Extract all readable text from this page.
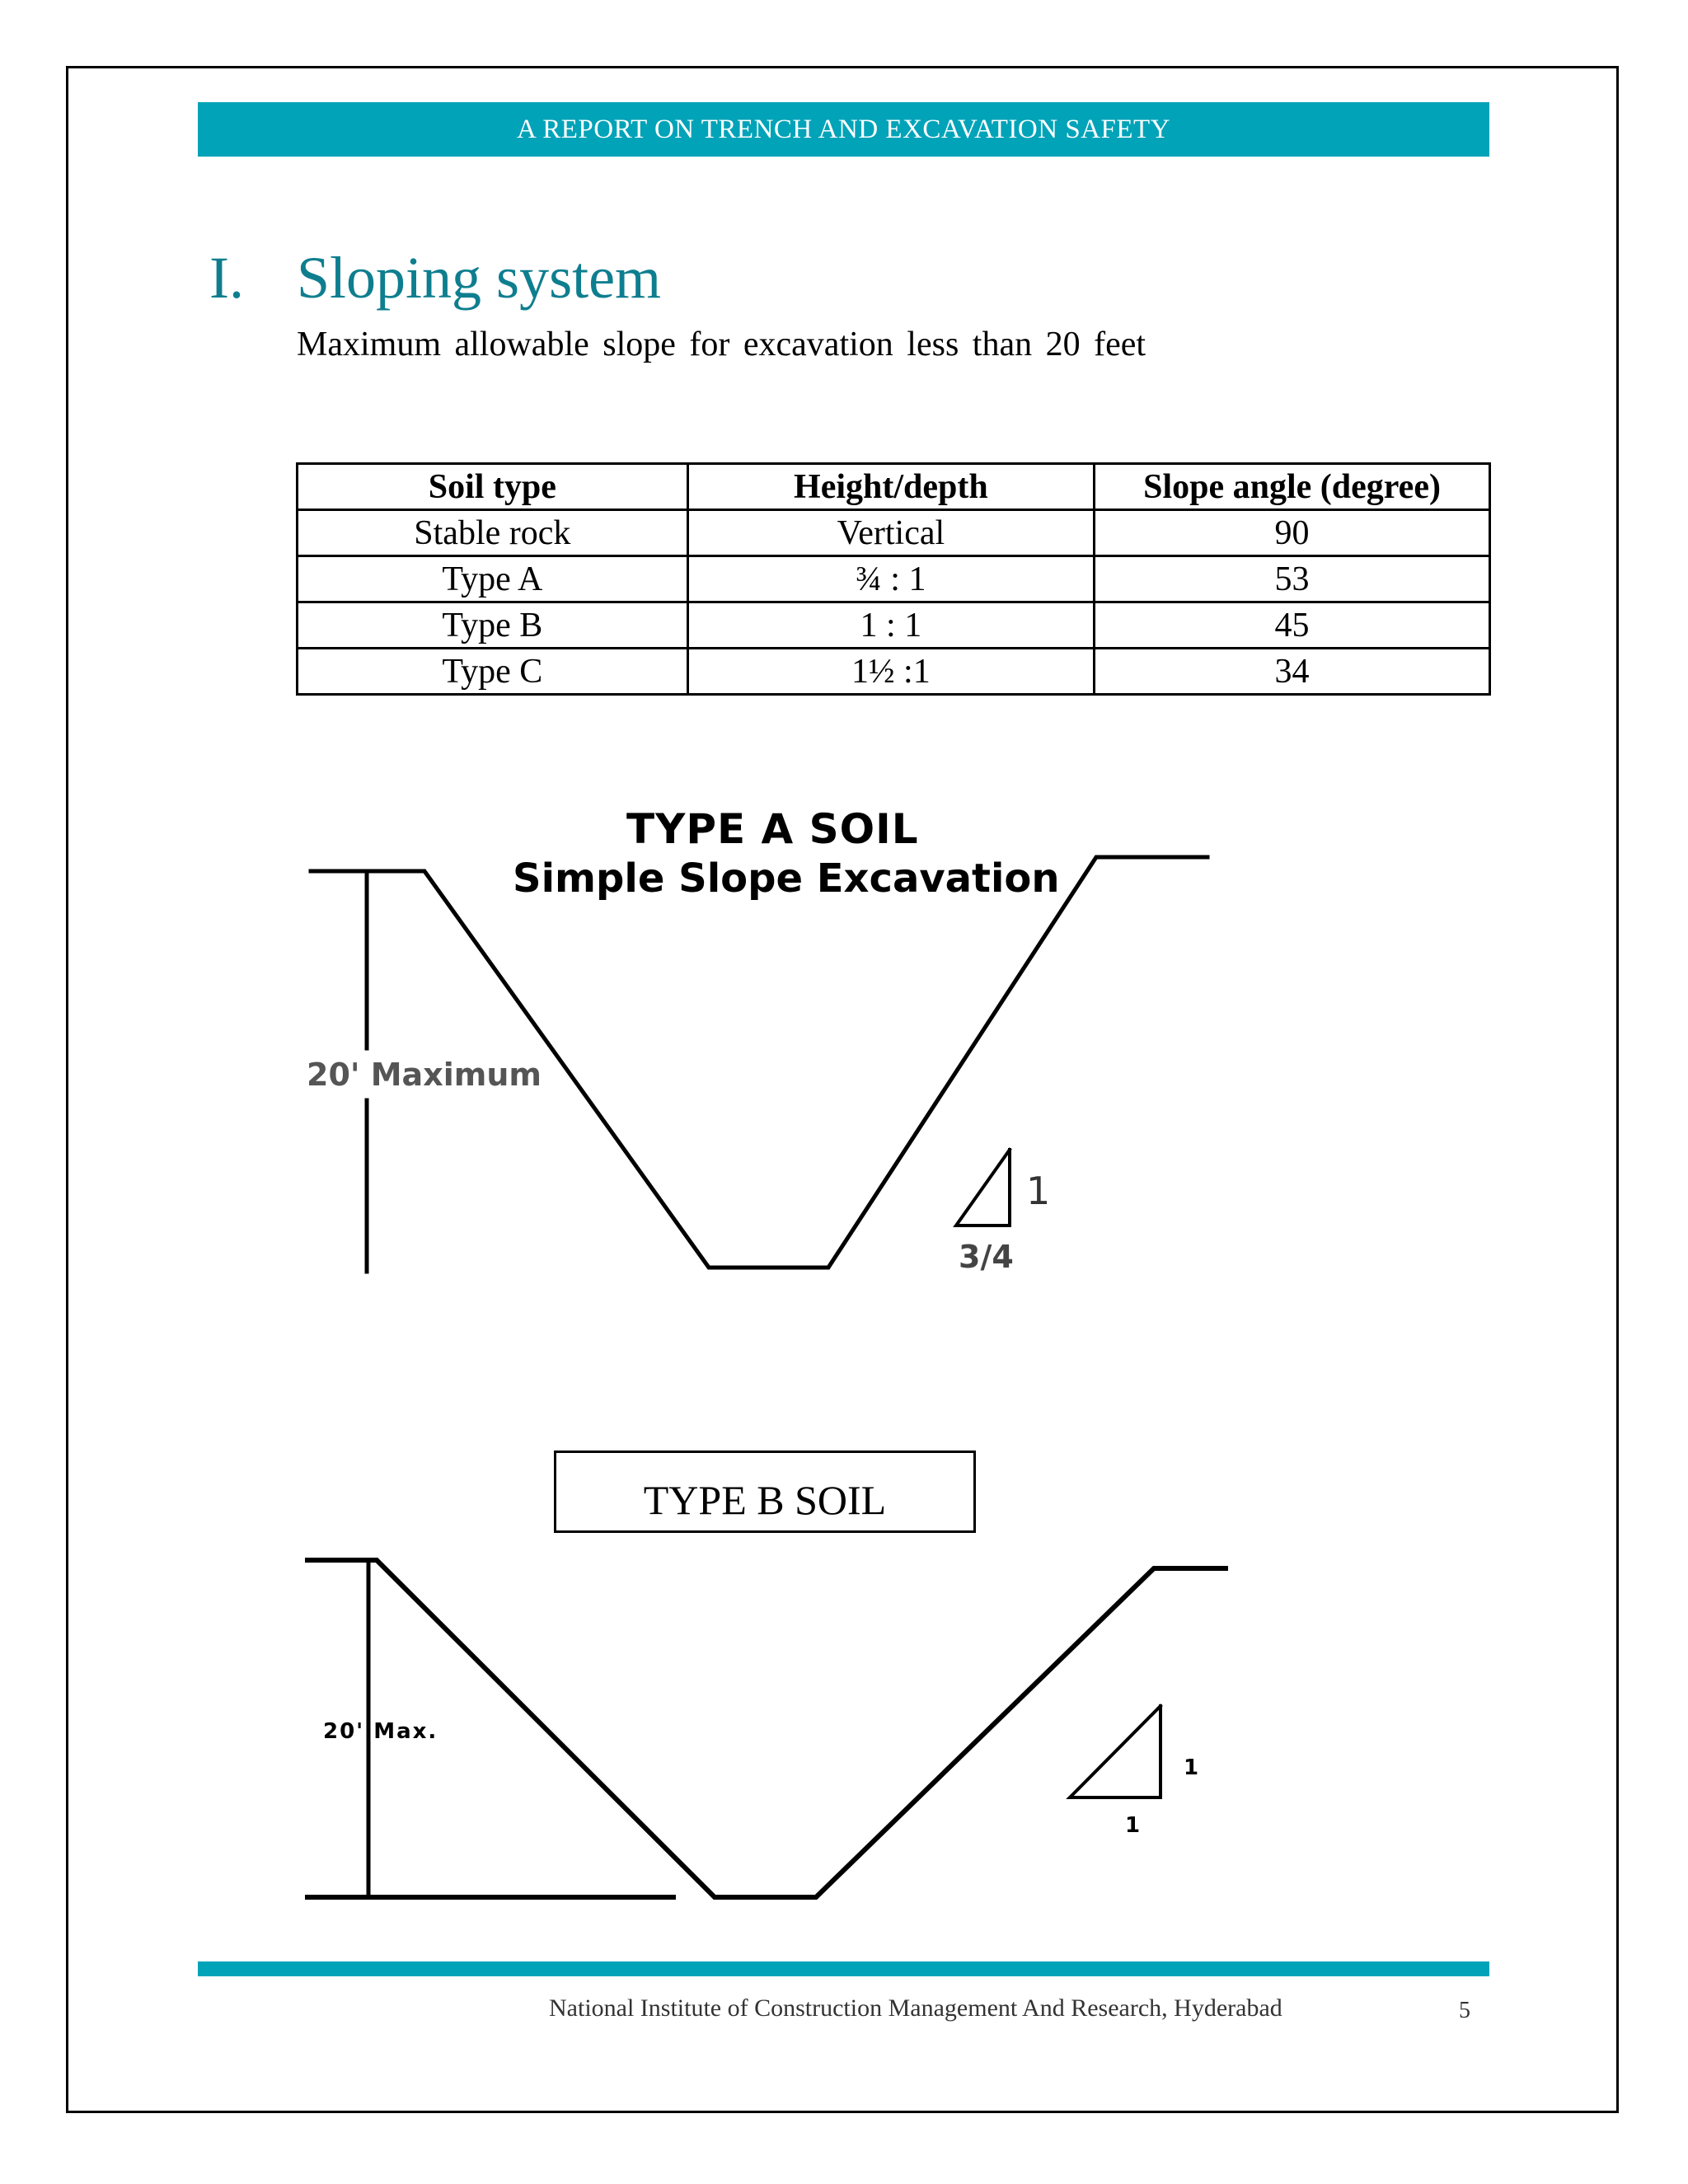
A REPORT ON TRENCH AND EXCAVATION SAFETY
I. Sloping system
Maximum allowable slope for excavation less than 20 feet
Soil type	Height/depth	Slope angle (degree)
Stable rock	Vertical	90
Type A	¾ : 1	53
Type B	1 : 1	45
Type C	1½ :1	34
TYPE A SOIL
Simple Slope Excavation
20' Maximum
1
3/4
TYPE B SOIL
20' Max.
1
1
National Institute of Construction Management And Research, Hyderabad	5
